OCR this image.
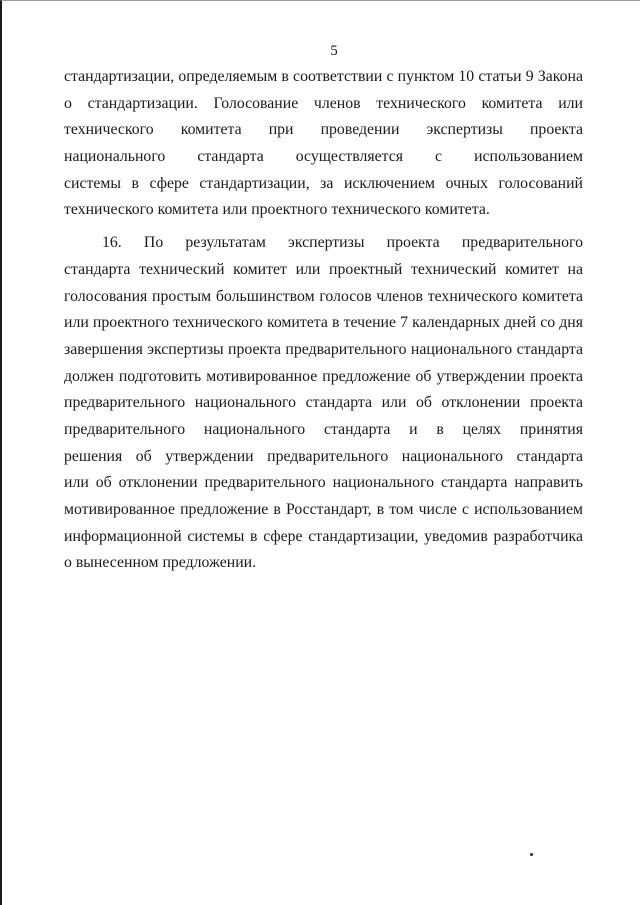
5

стандартизации, определяемым в соответствии с пунктом 10 статьи 9 Закона
о стандартизации. Голосование членов технического комитета или
технического комитета при проведении экспертизы проекта
национального стандарта осуществляется с использованием
системы в сфере стандартизации, за исключением очных голосований
технического комитета или проектного технического комитета.

16. По результатам экспертизы проекта предварительного
стандарта технический комитет или проектный технический комитет на
голосования простым большинством голосов членов технического комитета
или проектного технического комитета в течение 7 календарных дней со дня
завершения экспертизы проекта предварительного национального стандарта
должен подготовить мотивированное предложение об утверждении проекта
предварительного национального стандарта или об отклонении проекта
предварительного национального стандарта и в целях принятия
решения об утверждении предварительного национального стандарта
или об отклонении предварительного национального стандарта направить
мотивированное предложение в Росстандарт, в том числе с использованием
информационной системы в сфере стандартизации, уведомив разработчика
о вынесенном предложении.
